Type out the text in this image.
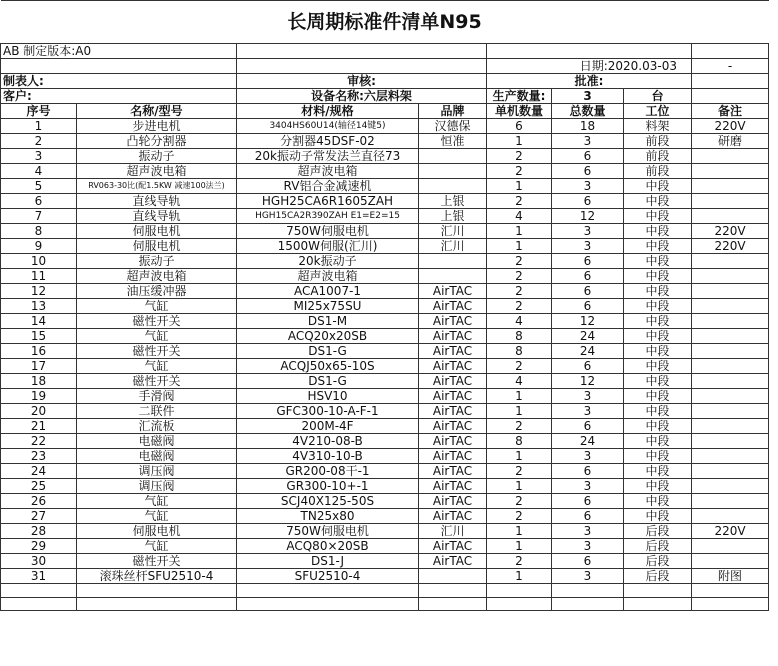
长周期标准件清单N95							
AB 制定版本:A0							
				日期:2020.03-03			-
制表人:		审核:		批准:			
客户:		设备名称:六层料架		生产数量:	3	台	
序号	名称/型号	材料/规格	品牌	单机数量	总数量	工位	备注
1	步进电机	3404HS60U14(轴径14键5)	汉德保	6	18	料架	220V
2	凸轮分割器	分割器45DSF-02	恒准	1	3	前段	研磨
3	振动子	20k振动子常发法兰直径73		2	6	前段	
4	超声波电箱	超声波电箱		2	6	前段	
5	RV063-30比(配1.5KW 减速100法兰)	RV铝合金减速机		1	3	中段	
6	直线导轨	HGH25CA6R1605ZAH	上银	2	6	中段	
7	直线导轨	HGH15CA2R390ZAH E1=E2=15	上银	4	12	中段	
8	伺服电机	750W伺服电机	汇川	1	3	中段	220V
9	伺服电机	1500W伺服(汇川)	汇川	1	3	中段	220V
10	振动子	20k振动子		2	6	中段	
11	超声波电箱	超声波电箱		2	6	中段	
12	油压缓冲器	ACA1007-1	AirTAC	2	6	中段	
13	气缸	MI25x75SU	AirTAC	2	6	中段	
14	磁性开关	DS1-M	AirTAC	4	12	中段	
15	气缸	ACQ20x20SB	AirTAC	8	24	中段	
16	磁性开关	DS1-G	AirTAC	8	24	中段	
17	气缸	ACQJ50x65-10S	AirTAC	2	6	中段	
18	磁性开关	DS1-G	AirTAC	4	12	中段	
19	手滑阀	HSV10	AirTAC	1	3	中段	
20	二联件	GFC300-10-A-F-1	AirTAC	1	3	中段	
21	汇流板	200M-4F	AirTAC	2	6	中段	
22	电磁阀	4V210-08-B	AirTAC	8	24	中段	
23	电磁阀	4V310-10-B	AirTAC	1	3	中段	
24	调压阀	GR200-08干-1	AirTAC	2	6	中段	
25	调压阀	GR300-10+-1	AirTAC	1	3	中段	
26	气缸	SCJ40X125-50S	AirTAC	2	6	中段	
27	气缸	TN25x80	AirTAC	2	6	中段	
28	伺服电机	750W伺服电机	汇川	1	3	后段	220V
29	气缸	ACQ80×20SB	AirTAC	1	3	后段	
30	磁性开关	DS1-J	AirTAC	2	6	后段	
31	滚珠丝杆SFU2510-4	SFU2510-4		1	3	后段	附图
